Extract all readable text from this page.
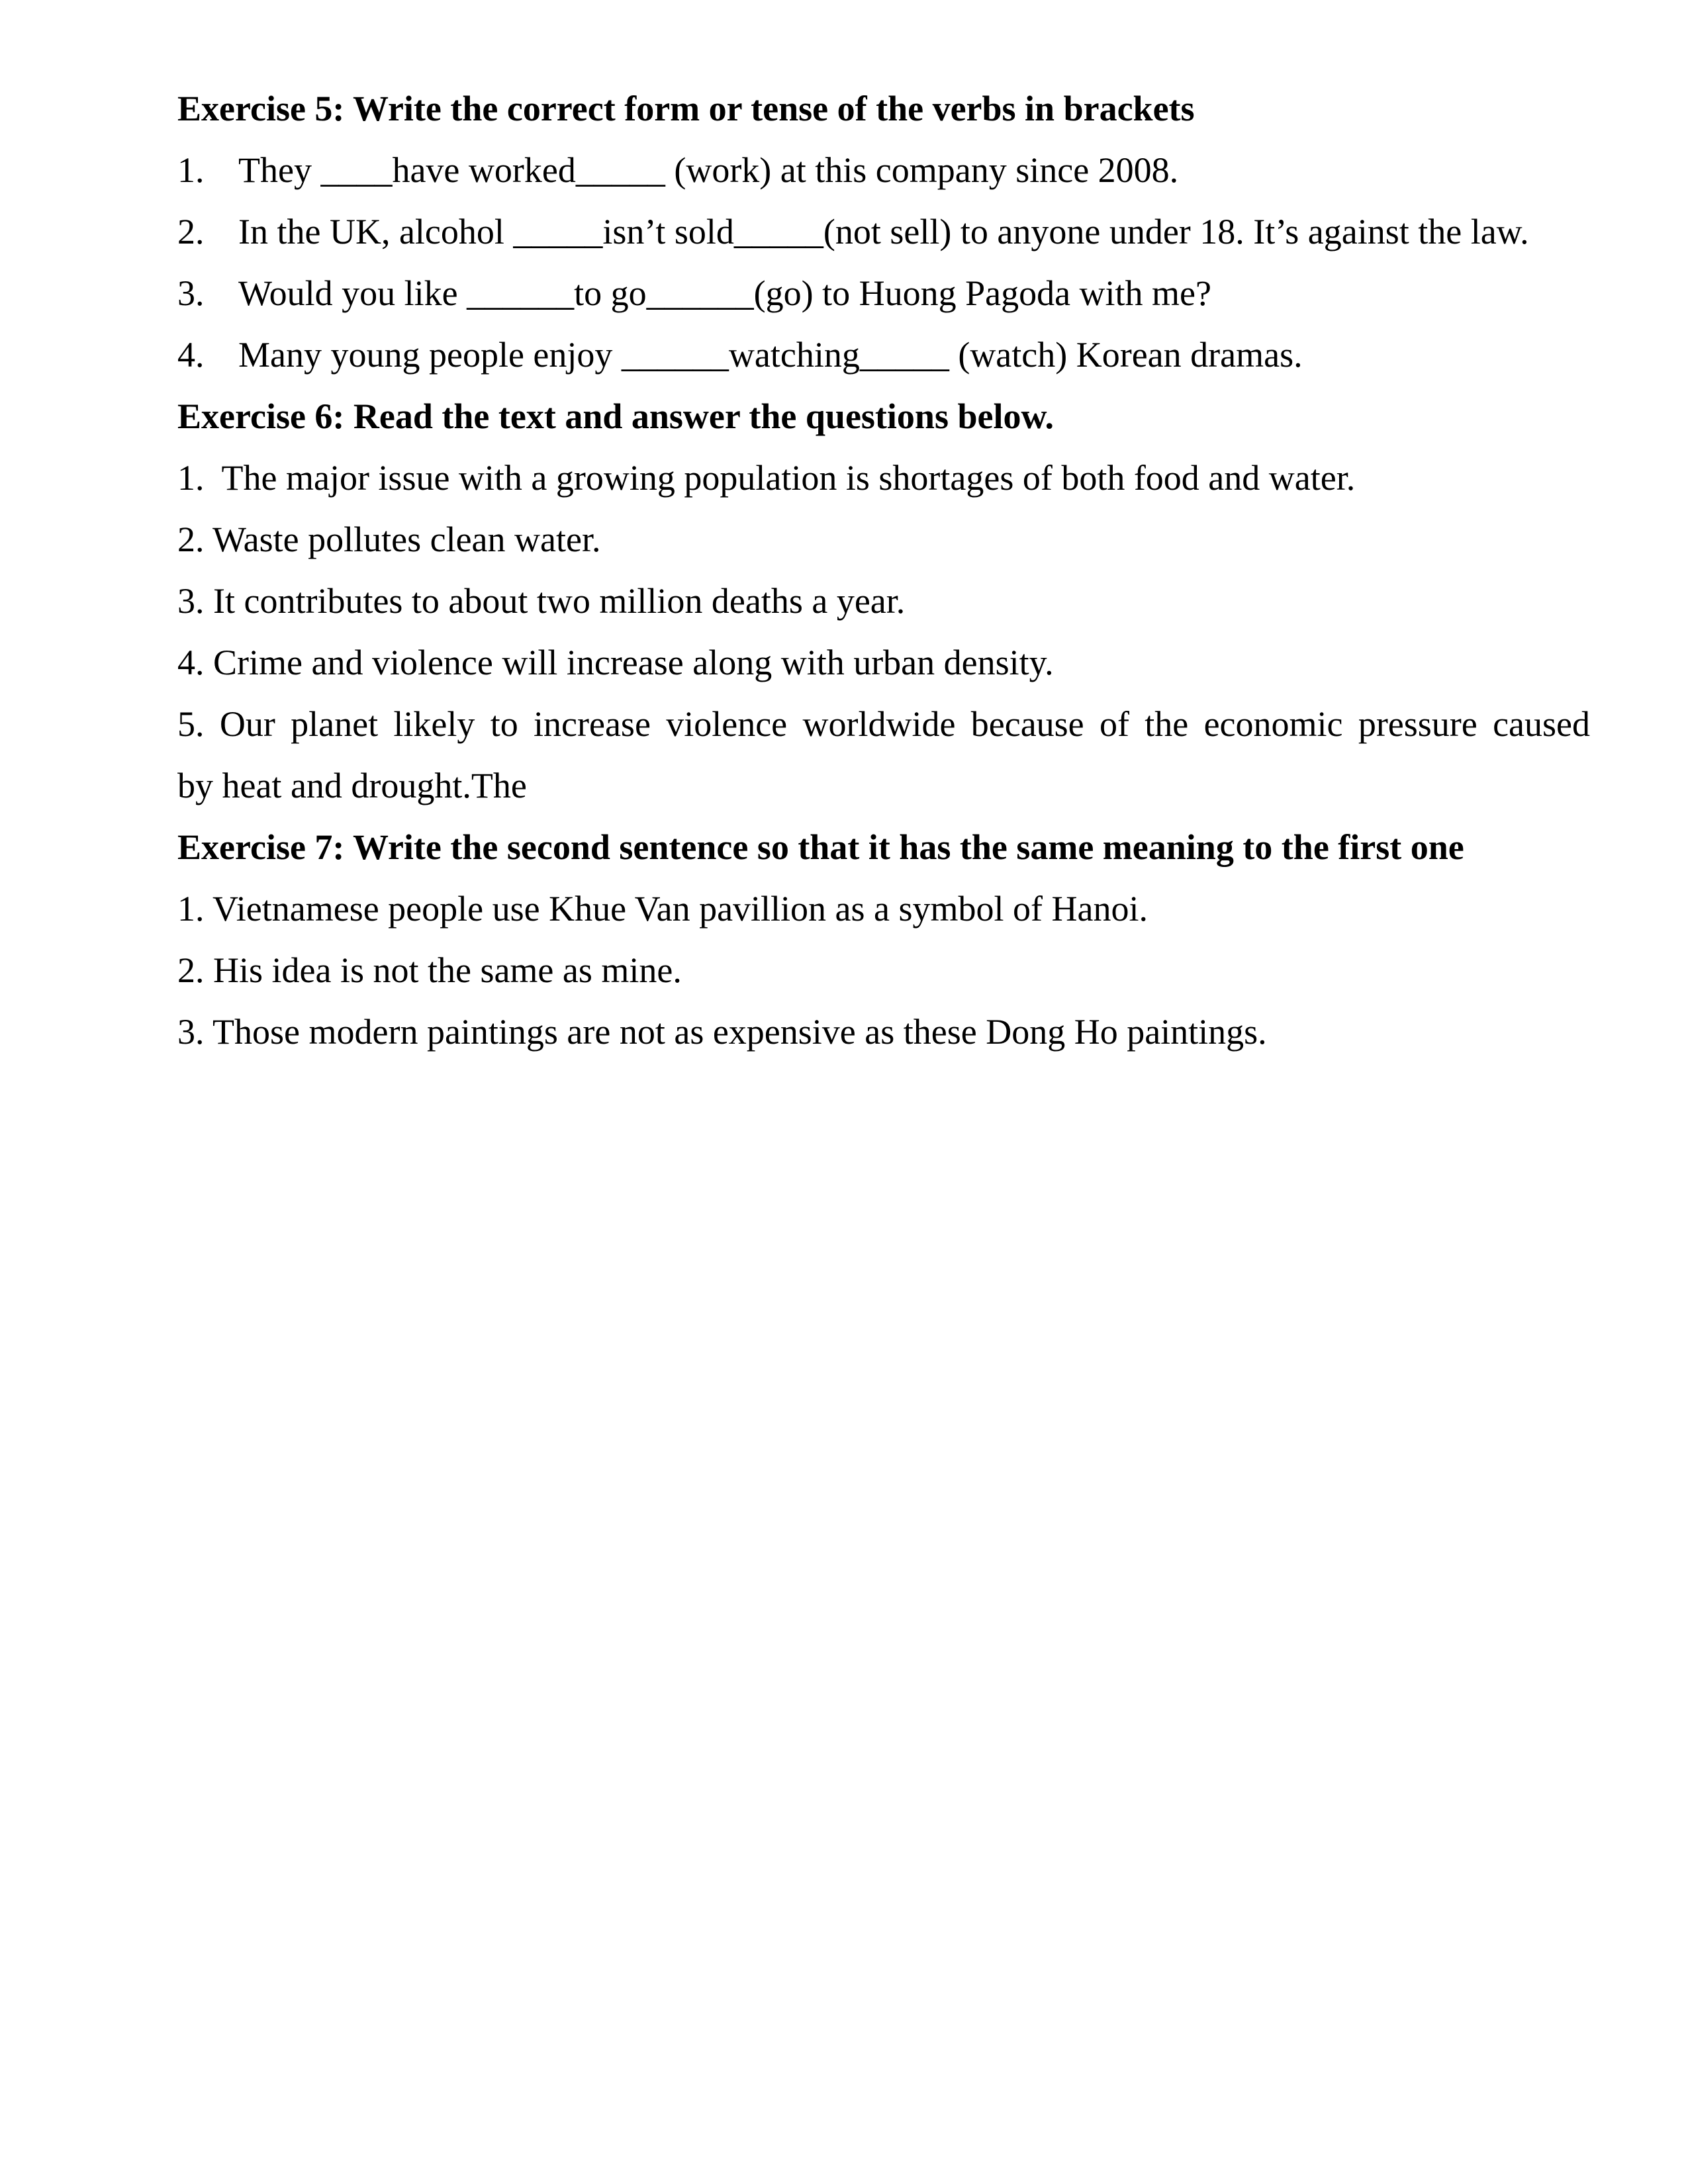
Exercise 5: Write the correct form or tense of the verbs in brackets

1. They ____have worked_____ (work) at this company since 2008.
2. In the UK, alcohol _____isn’t sold_____(not sell) to anyone under 18. It’s against the law.
3. Would you like ______to go______(go) to Huong Pagoda with me?
4. Many young people enjoy ______watching_____ (watch) Korean dramas.

Exercise 6: Read the text and answer the questions below.

1.  The major issue with a growing population is shortages of both food and water.

2. Waste pollutes clean water.

3. It contributes to about two million deaths a year.

4. Crime and violence will increase along with urban density.

5. Our planet likely to increase violence worldwide because of the economic pressure caused

by heat and drought.The

Exercise 7: Write the second sentence so that it has the same meaning to the first one

1. Vietnamese people use Khue Van pavillion as a symbol of Hanoi.

2. His idea is not the same as mine.

3. Those modern paintings are not as expensive as these Dong Ho paintings.
